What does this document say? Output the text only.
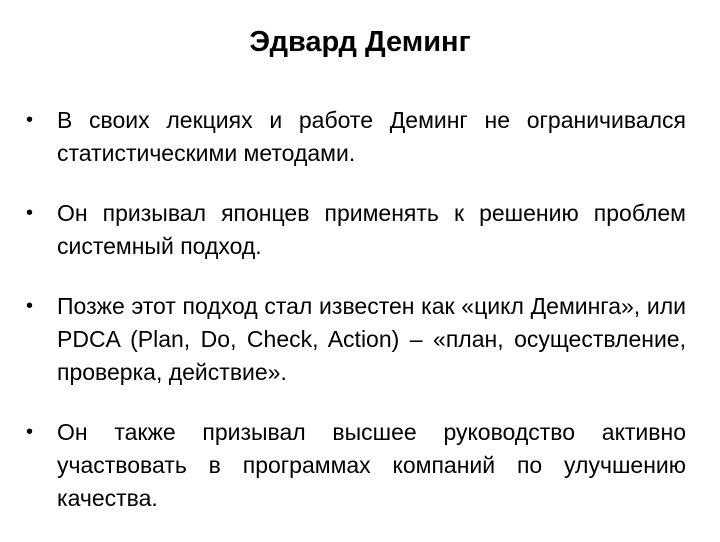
Эдвард Деминг
•	В своих лекциях и работе Деминг не ограничивался статистическими методами.
•	Он призывал японцев применять к решению проблем системный подход.
•	Позже этот подход стал известен как «цикл Деминга», или PDCA (Plan, Do, Check, Action) – «план, осуществление, проверка, действие».
•	Он также призывал высшее руководство активно участвовать в программах компаний по улучшению качества.
